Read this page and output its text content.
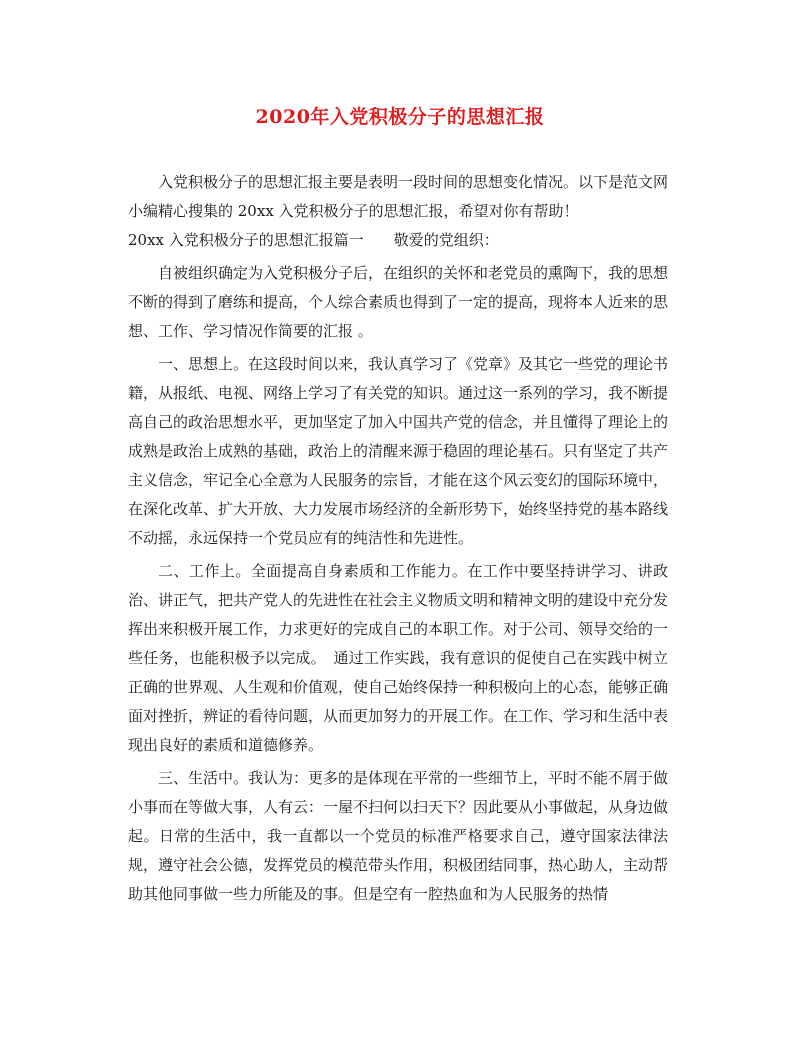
2020年入党积极分子的思想汇报

入党积极分子的思想汇报主要是表明一段时间的思想变化情况。以下是范文网小编精心搜集的 20xx 入党积极分子的思想汇报，希望对你有帮助！

20xx 入党积极分子的思想汇报篇一　　敬爱的党组织：

自被组织确定为入党积极分子后，在组织的关怀和老党员的熏陶下，我的思想不断的得到了磨练和提高，个人综合素质也得到了一定的提高，现将本人近来的思想、工作、学习情况作简要的汇报 。

一、思想上。在这段时间以来，我认真学习了《党章》及其它一些党的理论书籍，从报纸、电视、网络上学习了有关党的知识。通过这一系列的学习，我不断提高自己的政治思想水平，更加坚定了加入中国共产党的信念，并且懂得了理论上的成熟是政治上成熟的基础，政治上的清醒来源于稳固的理论基石。只有坚定了共产主义信念，牢记全心全意为人民服务的宗旨，才能在这个风云变幻的国际环境中，在深化改革、扩大开放、大力发展市场经济的全新形势下，始终坚持党的基本路线不动摇，永远保持一个党员应有的纯洁性和先进性。

二、工作上。全面提高自身素质和工作能力。在工作中要坚持讲学习、讲政治、讲正气，把共产党人的先进性在社会主义物质文明和精神文明的建设中充分发挥出来积极开展工作，力求更好的完成自己的本职工作。对于公司、领导交给的一些任务，也能积极予以完成。　通过工作实践，我有意识的促使自己在实践中树立正确的世界观、人生观和价值观，使自己始终保持一种积极向上的心态，能够正确面对挫折，辨证的看待问题，从而更加努力的开展工作。在工作、学习和生活中表现出良好的素质和道德修养。

三、生活中。我认为：更多的是体现在平常的一些细节上，平时不能不屑于做小事而在等做大事，人有云：一屋不扫何以扫天下？因此要从小事做起，从身边做起。日常的生活中，我一直都以一个党员的标准严格要求自己，遵守国家法律法规，遵守社会公德，发挥党员的模范带头作用，积极团结同事，热心助人，主动帮助其他同事做一些力所能及的事。但是空有一腔热血和为人民服务的热情
